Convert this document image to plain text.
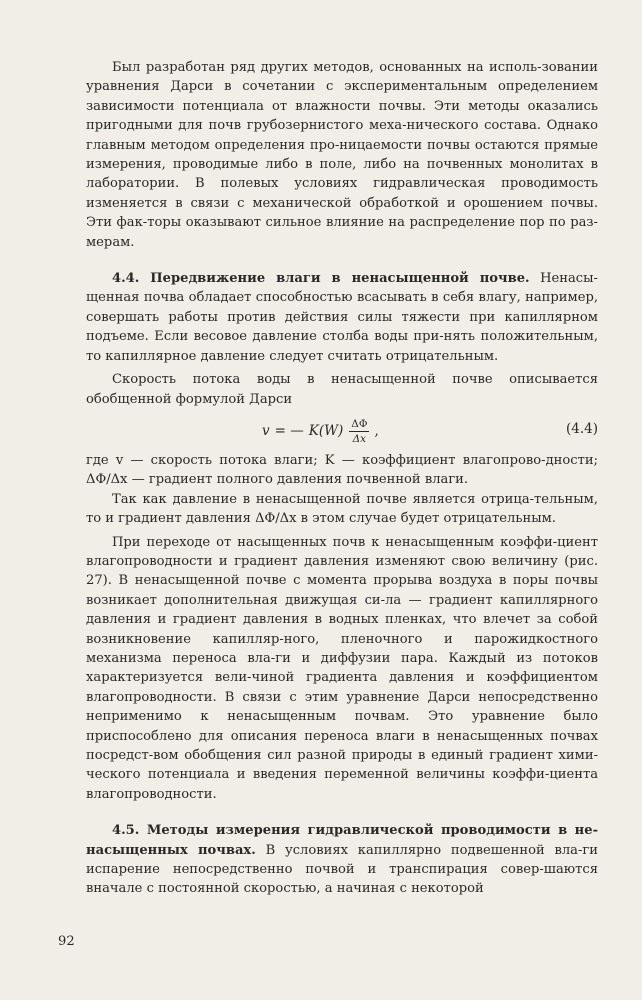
Был разработан ряд других методов, основанных на исполь-зовании уравнения Дарси в сочетании с экспериментальным определением зависимости потенциала от влажности почвы. Эти методы оказались пригодными для почв грубозернистого меха-нического состава. Однако главным методом определения про-ницаемости почвы остаются прямые измерения, проводимые либо в поле, либо на почвенных монолитах в лаборатории. В полевых условиях гидравлическая проводимость изменяется в связи с механической обработкой и орошением почвы. Эти фак-торы оказывают сильное влияние на распределение пор по раз-мерам.

4.4. Передвижение влаги в ненасыщенной почве. Ненасы-щенная почва обладает способностью всасывать в себя влагу, например, совершать работы против действия силы тяжести при капиллярном подъеме. Если весовое давление столба воды при-нять положительным, то капиллярное давление следует считать отрицательным.

Скорость потока воды в ненасыщенной почве описывается обобщенной формулой Дарси

v = — $K(W) \frac{\Delta\Phi}{\Delta x}$ ,	(4.4)

где v — скорость потока влаги; K — коэффициент влагопрово-дности; ΔΦ/Δx — градиент полного давления почвенной влаги.

Так как давление в ненасыщенной почве является отрица-тельным, то и градиент давления ΔΦ/Δx в этом случае будет отрицательным.

При переходе от насыщенных почв к ненасыщенным коэффи-циент влагопроводности и градиент давления изменяют свою величину (рис. 27). В ненасыщенной почве с момента прорыва воздуха в поры почвы возникает дополнительная движущая си-ла — градиент капиллярного давления и градиент давления в водных пленках, что влечет за собой возникновение капилляр-ного, пленочного и парожидкостного механизма переноса вла-ги и диффузии пара. Каждый из потоков характеризуется вели-чиной градиента давления и коэффициентом влагопроводности. В связи с этим уравнение Дарси непосредственно неприменимо к ненасыщенным почвам. Это уравнение было приспособлено для описания переноса влаги в ненасыщенных почвах посредст-вом обобщения сил разной природы в единый градиент хими-ческого потенциала и введения переменной величины коэффи-циента влагопроводности.

4.5. Методы измерения гидравлической проводимости в не-насыщенных почвах. В условиях капиллярно подвешенной вла-ги испарение непосредственно почвой и транспирация совер-шаются вначале с постоянной скоростью, а начиная с некоторой

92
